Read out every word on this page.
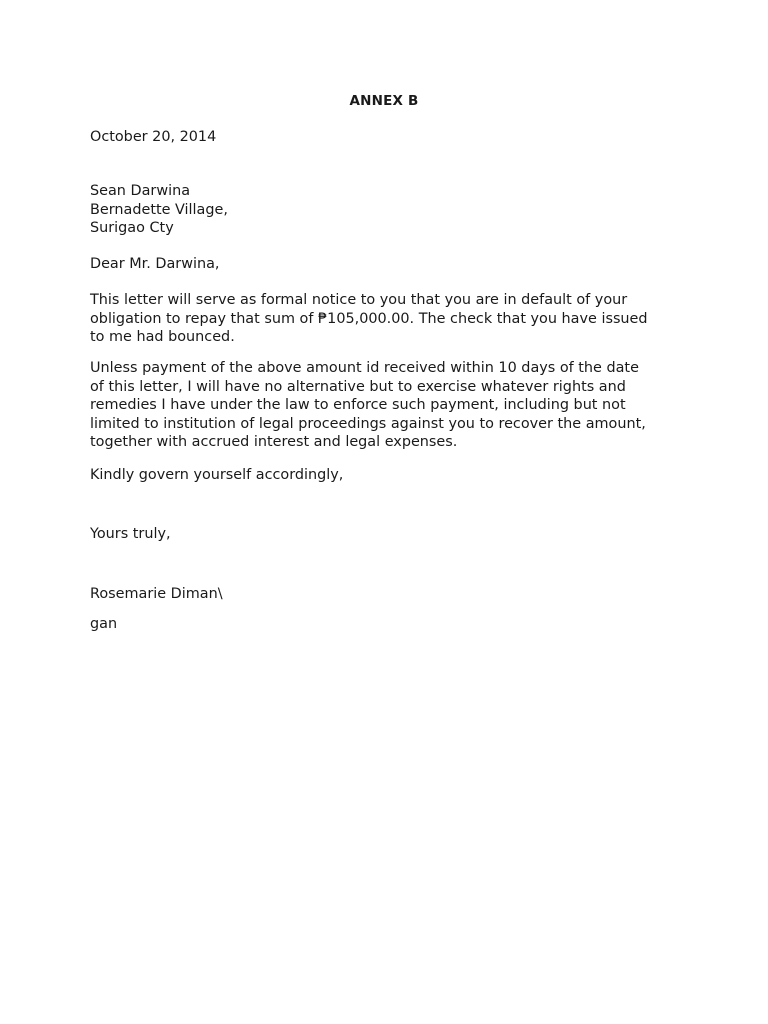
ANNEX B
October 20, 2014
Sean Darwina
Bernadette Village,
Surigao Cty
Dear Mr. Darwina,
This letter will serve as formal notice to you that you are in default of your
obligation to repay that sum of ₱105,000.00. The check that you have issued
to me had bounced.
Unless payment of the above amount id received within 10 days of the date
of this letter, I will have no alternative but to exercise whatever rights and
remedies I have under the law to enforce such payment, including but not
limited to institution of legal proceedings against you to recover the amount,
together with accrued interest and legal expenses.
Kindly govern yourself accordingly,
Yours truly,
Rosemarie Diman\
gan
